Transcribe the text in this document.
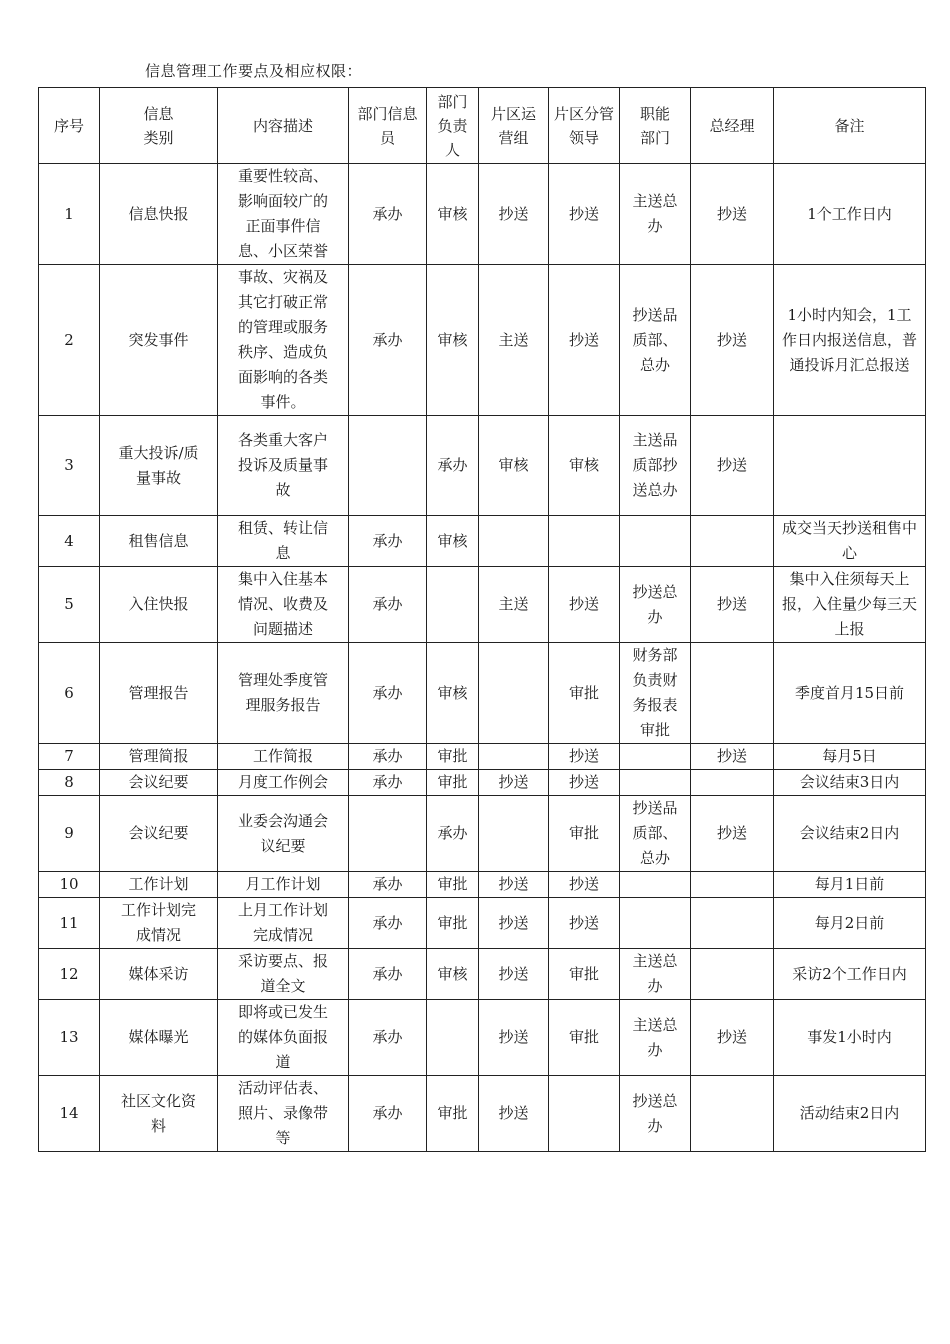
信息管理工作要点及相应权限：
序号	信息类别	内容描述	部门信息员	部门负责人	片区运营组	片区分管领导	职能部门	总经理	备注
1	信息快报	重要性较高、影响面较广的正面事件信息、小区荣誉	承办	审核	抄送	抄送	主送总办	抄送	1个工作日内
2	突发事件	事故、灾祸及其它打破正常的管理或服务秩序、造成负面影响的各类事件。	承办	审核	主送	抄送	抄送品质部、总办	抄送	1小时内知会，1工作日内报送信息，普通投诉月汇总报送
3	重大投诉/质量事故	各类重大客户投诉及质量事故		承办	审核	审核	主送品质部抄送总办	抄送	
4	租售信息	租赁、转让信息	承办	审核					成交当天抄送租售中心
5	入住快报	集中入住基本情况、收费及问题描述	承办		主送	抄送	抄送总办	抄送	集中入住须每天上报，入住量少每三天上报
6	管理报告	管理处季度管理服务报告	承办	审核		审批	财务部负责财务报表审批		季度首月15日前
7	管理简报	工作简报	承办	审批		抄送		抄送	每月5日
8	会议纪要	月度工作例会	承办	审批	抄送	抄送			会议结束3日内
9	会议纪要	业委会沟通会议纪要		承办		审批	抄送品质部、总办	抄送	会议结束2日内
10	工作计划	月工作计划	承办	审批	抄送	抄送			每月1日前
11	工作计划完成情况	上月工作计划完成情况	承办	审批	抄送	抄送			每月2日前
12	媒体采访	采访要点、报道全文	承办	审核	抄送	审批	主送总办		采访2个工作日内
13	媒体曝光	即将或已发生的媒体负面报道	承办		抄送	审批	主送总办	抄送	事发1小时内
14	社区文化资料	活动评估表、照片、录像带等	承办	审批	抄送		抄送总办		活动结束2日内
